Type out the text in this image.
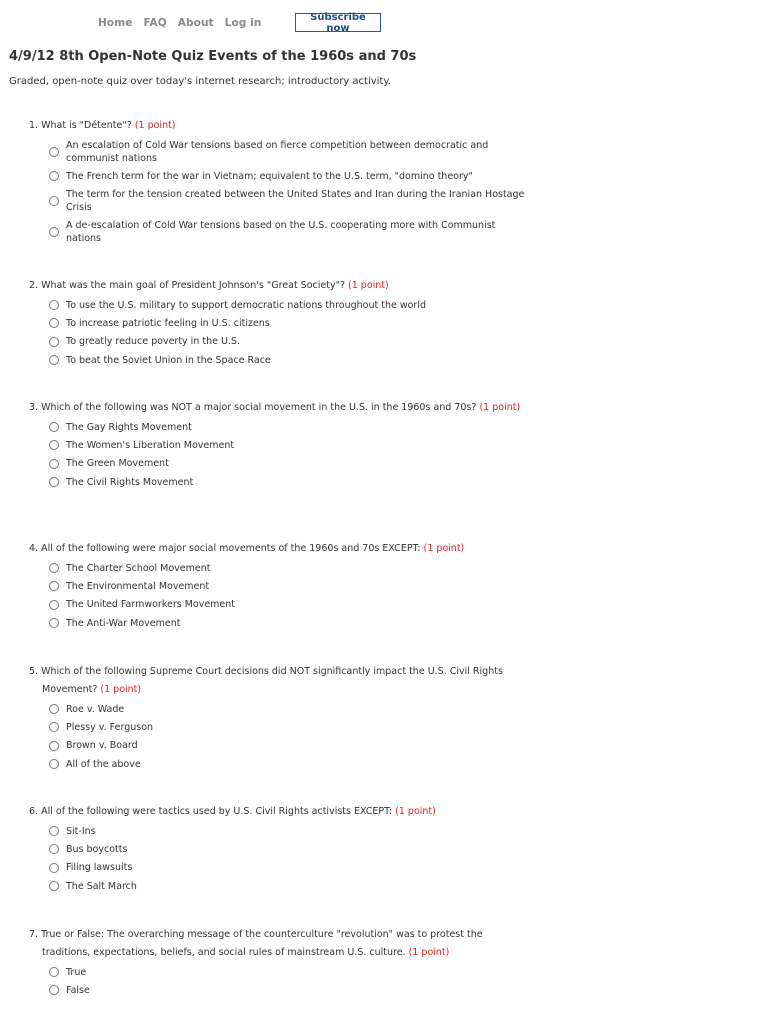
Home FAQ About Log in	Subscribe now
4/9/12 8th Open-Note Quiz Events of the 1960s and 70s

Graded, open-note quiz over today's internet research; introductory activity.

1. What is "Détente"? (1 point)
An escalation of Cold War tensions based on fierce competition between democratic and communist nations
The French term for the war in Vietnam; equivalent to the U.S. term, "domino theory"
The term for the tension created between the United States and Iran during the Iranian Hostage Crisis
A de-escalation of Cold War tensions based on the U.S. cooperating more with Communist nations
2. What was the main goal of President Johnson's "Great Society"? (1 point)
To use the U.S. military to support democratic nations throughout the world
To increase patriotic feeling in U.S. citizens
To greatly reduce poverty in the U.S.
To beat the Soviet Union in the Space Race
3. Which of the following was NOT a major social movement in the U.S. in the 1960s and 70s? (1 point)
The Gay Rights Movement
The Women's Liberation Movement
The Green Movement
The Civil Rights Movement
4. All of the following were major social movements of the 1960s and 70s EXCEPT: (1 point)
The Charter School Movement
The Environmental Movement
The United Farmworkers Movement
The Anti-War Movement
5. Which of the following Supreme Court decisions did NOT significantly impact the U.S. Civil Rights Movement? (1 point)
Roe v. Wade
Plessy v. Ferguson
Brown v. Board
All of the above
6. All of the following were tactics used by U.S. Civil Rights activists EXCEPT: (1 point)
Sit-Ins
Bus boycotts
Filing lawsuits
The Salt March
7. True or False: The overarching message of the counterculture "revolution" was to protest the traditions, expectations, beliefs, and social rules of mainstream U.S. culture. (1 point)
True
False
